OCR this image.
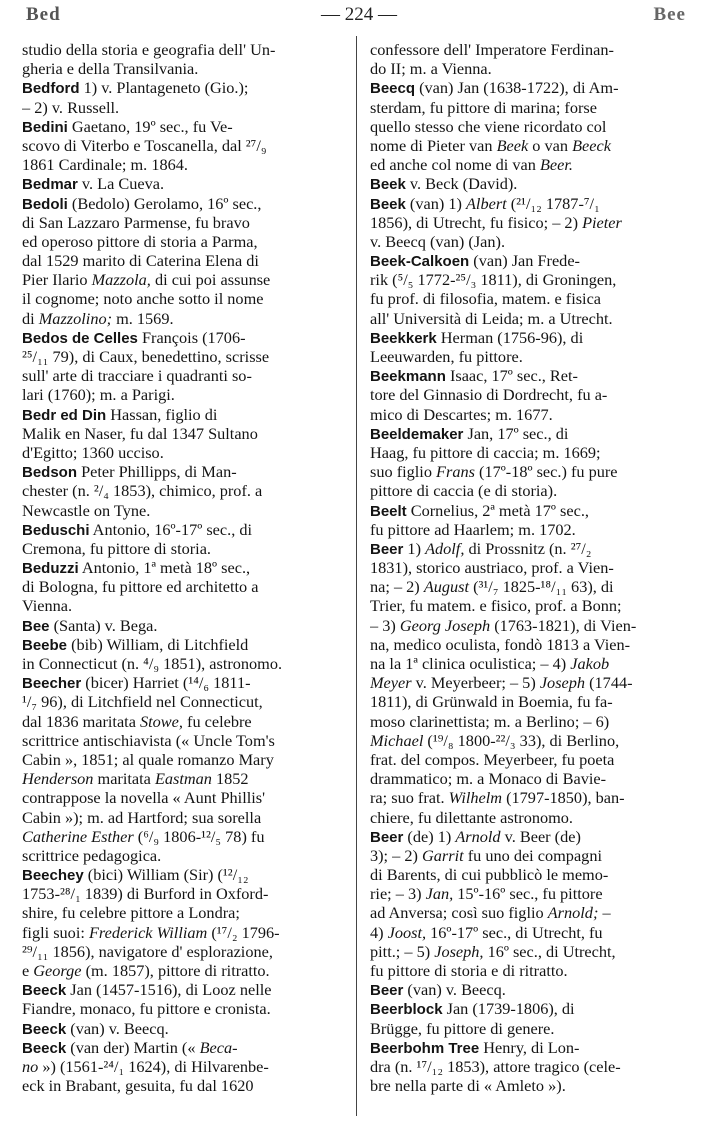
Bed	— 224 —	Bee
studio della storia e geografia dell' Un-
gheria e della Transilvania.
Bedford 1) v. Plantageneto (Gio.);
– 2) v. Russell.
Bedini Gaetano, 19º sec., fu Ve-
scovo di Viterbo e Toscanella, dal ²⁷/₉
1861 Cardinale; m. 1864.
Bedmar v. La Cueva.
Bedoli (Bedolo) Gerolamo, 16º sec.,
di San Lazzaro Parmense, fu bravo
ed operoso pittore di storia a Parma,
dal 1529 marito di Caterina Elena di
Pier Ilario Mazzola, di cui poi assunse
il cognome; noto anche sotto il nome
di Mazzolino; m. 1569.
Bedos de Celles François (1706-
²⁵/₁₁ 79), di Caux, benedettino, scrisse
sull' arte di tracciare i quadranti so-
lari (1760); m. a Parigi.
Bedr ed Din Hassan, figlio di
Malik en Naser, fu dal 1347 Sultano
d'Egitto; 1360 ucciso.
Bedson Peter Phillipps, di Man-
chester (n. ²/₄ 1853), chimico, prof. a
Newcastle on Tyne.
Beduschi Antonio, 16º-17º sec., di
Cremona, fu pittore di storia.
Beduzzi Antonio, 1ª metà 18º sec.,
di Bologna, fu pittore ed architetto a
Vienna.
Bee (Santa) v. Bega.
Beebe (bib) William, di Litchfield
in Connecticut (n. ⁴/₉ 1851), astronomo.
Beecher (bicer) Harriet (¹⁴/₆ 1811-
¹/₇ 96), di Litchfield nel Connecticut,
dal 1836 maritata Stowe, fu celebre
scrittrice antischiavista (« Uncle Tom's
Cabin », 1851; al quale romanzo Mary
Henderson maritata Eastman 1852
contrappose la novella « Aunt Phillis'
Cabin »); m. ad Hartford; sua sorella
Catherine Esther (⁶/₉ 1806-¹²/₅ 78) fu
scrittrice pedagogica.
Beechey (bici) William (Sir) (¹²/₁₂
1753-²⁸/₁ 1839) di Burford in Oxford-
shire, fu celebre pittore a Londra;
figli suoi: Frederick William (¹⁷/₂ 1796-
²⁹/₁₁ 1856), navigatore d' esplorazione,
e George (m. 1857), pittore di ritratto.
Beeck Jan (1457-1516), di Looz nelle
Fiandre, monaco, fu pittore e cronista.
Beeck (van) v. Beecq.
Beeck (van der) Martin (« Beca-
no ») (1561-²⁴/₁ 1624), di Hilvarenbe-
eck in Brabant, gesuita, fu dal 1620
confessore dell' Imperatore Ferdinan-
do II; m. a Vienna.
Beecq (van) Jan (1638-1722), di Am-
sterdam, fu pittore di marina; forse
quello stesso che viene ricordato col
nome di Pieter van Beek o van Beeck
ed anche col nome di van Beer.
Beek v. Beck (David).
Beek (van) 1) Albert (²¹/₁₂ 1787-⁷/₁
1856), di Utrecht, fu fisico; – 2) Pieter
v. Beecq (van) (Jan).
Beek-Calkoen (van) Jan Frede-
rik (⁵/₅ 1772-²⁵/₃ 1811), di Groningen,
fu prof. di filosofia, matem. e fisica
all' Università di Leida; m. a Utrecht.
Beekkerk Herman (1756-96), di
Leeuwarden, fu pittore.
Beekmann Isaac, 17º sec., Ret-
tore del Ginnasio di Dordrecht, fu a-
mico di Descartes; m. 1677.
Beeldemaker Jan, 17º sec., di
Haag, fu pittore di caccia; m. 1669;
suo figlio Frans (17º-18º sec.) fu pure
pittore di caccia (e di storia).
Beelt Cornelius, 2ª metà 17º sec.,
fu pittore ad Haarlem; m. 1702.
Beer 1) Adolf, di Prossnitz (n. ²⁷/₂
1831), storico austriaco, prof. a Vien-
na; – 2) August (³¹/₇ 1825-¹⁸/₁₁ 63), di
Trier, fu matem. e fisico, prof. a Bonn;
– 3) Georg Joseph (1763-1821), di Vien-
na, medico oculista, fondò 1813 a Vien-
na la 1ª clinica oculistica; – 4) Jakob
Meyer v. Meyerbeer; – 5) Joseph (1744-
1811), di Grünwald in Boemia, fu fa-
moso clarinettista; m. a Berlino; – 6)
Michael (¹⁹/₈ 1800-²²/₃ 33), di Berlino,
frat. del compos. Meyerbeer, fu poeta
drammatico; m. a Monaco di Bavie-
ra; suo frat. Wilhelm (1797-1850), ban-
chiere, fu dilettante astronomo.
Beer (de) 1) Arnold v. Beer (de)
3); – 2) Garrit fu uno dei compagni
di Barents, di cui pubblicò le memo-
rie; – 3) Jan, 15º-16º sec., fu pittore
ad Anversa; così suo figlio Arnold; –
4) Joost, 16º-17º sec., di Utrecht, fu
pitt.; – 5) Joseph, 16º sec., di Utrecht,
fu pittore di storia e di ritratto.
Beer (van) v. Beecq.
Beerblock Jan (1739-1806), di
Brügge, fu pittore di genere.
Beerbohm Tree Henry, di Lon-
dra (n. ¹⁷/₁₂ 1853), attore tragico (cele-
bre nella parte di « Amleto »).
